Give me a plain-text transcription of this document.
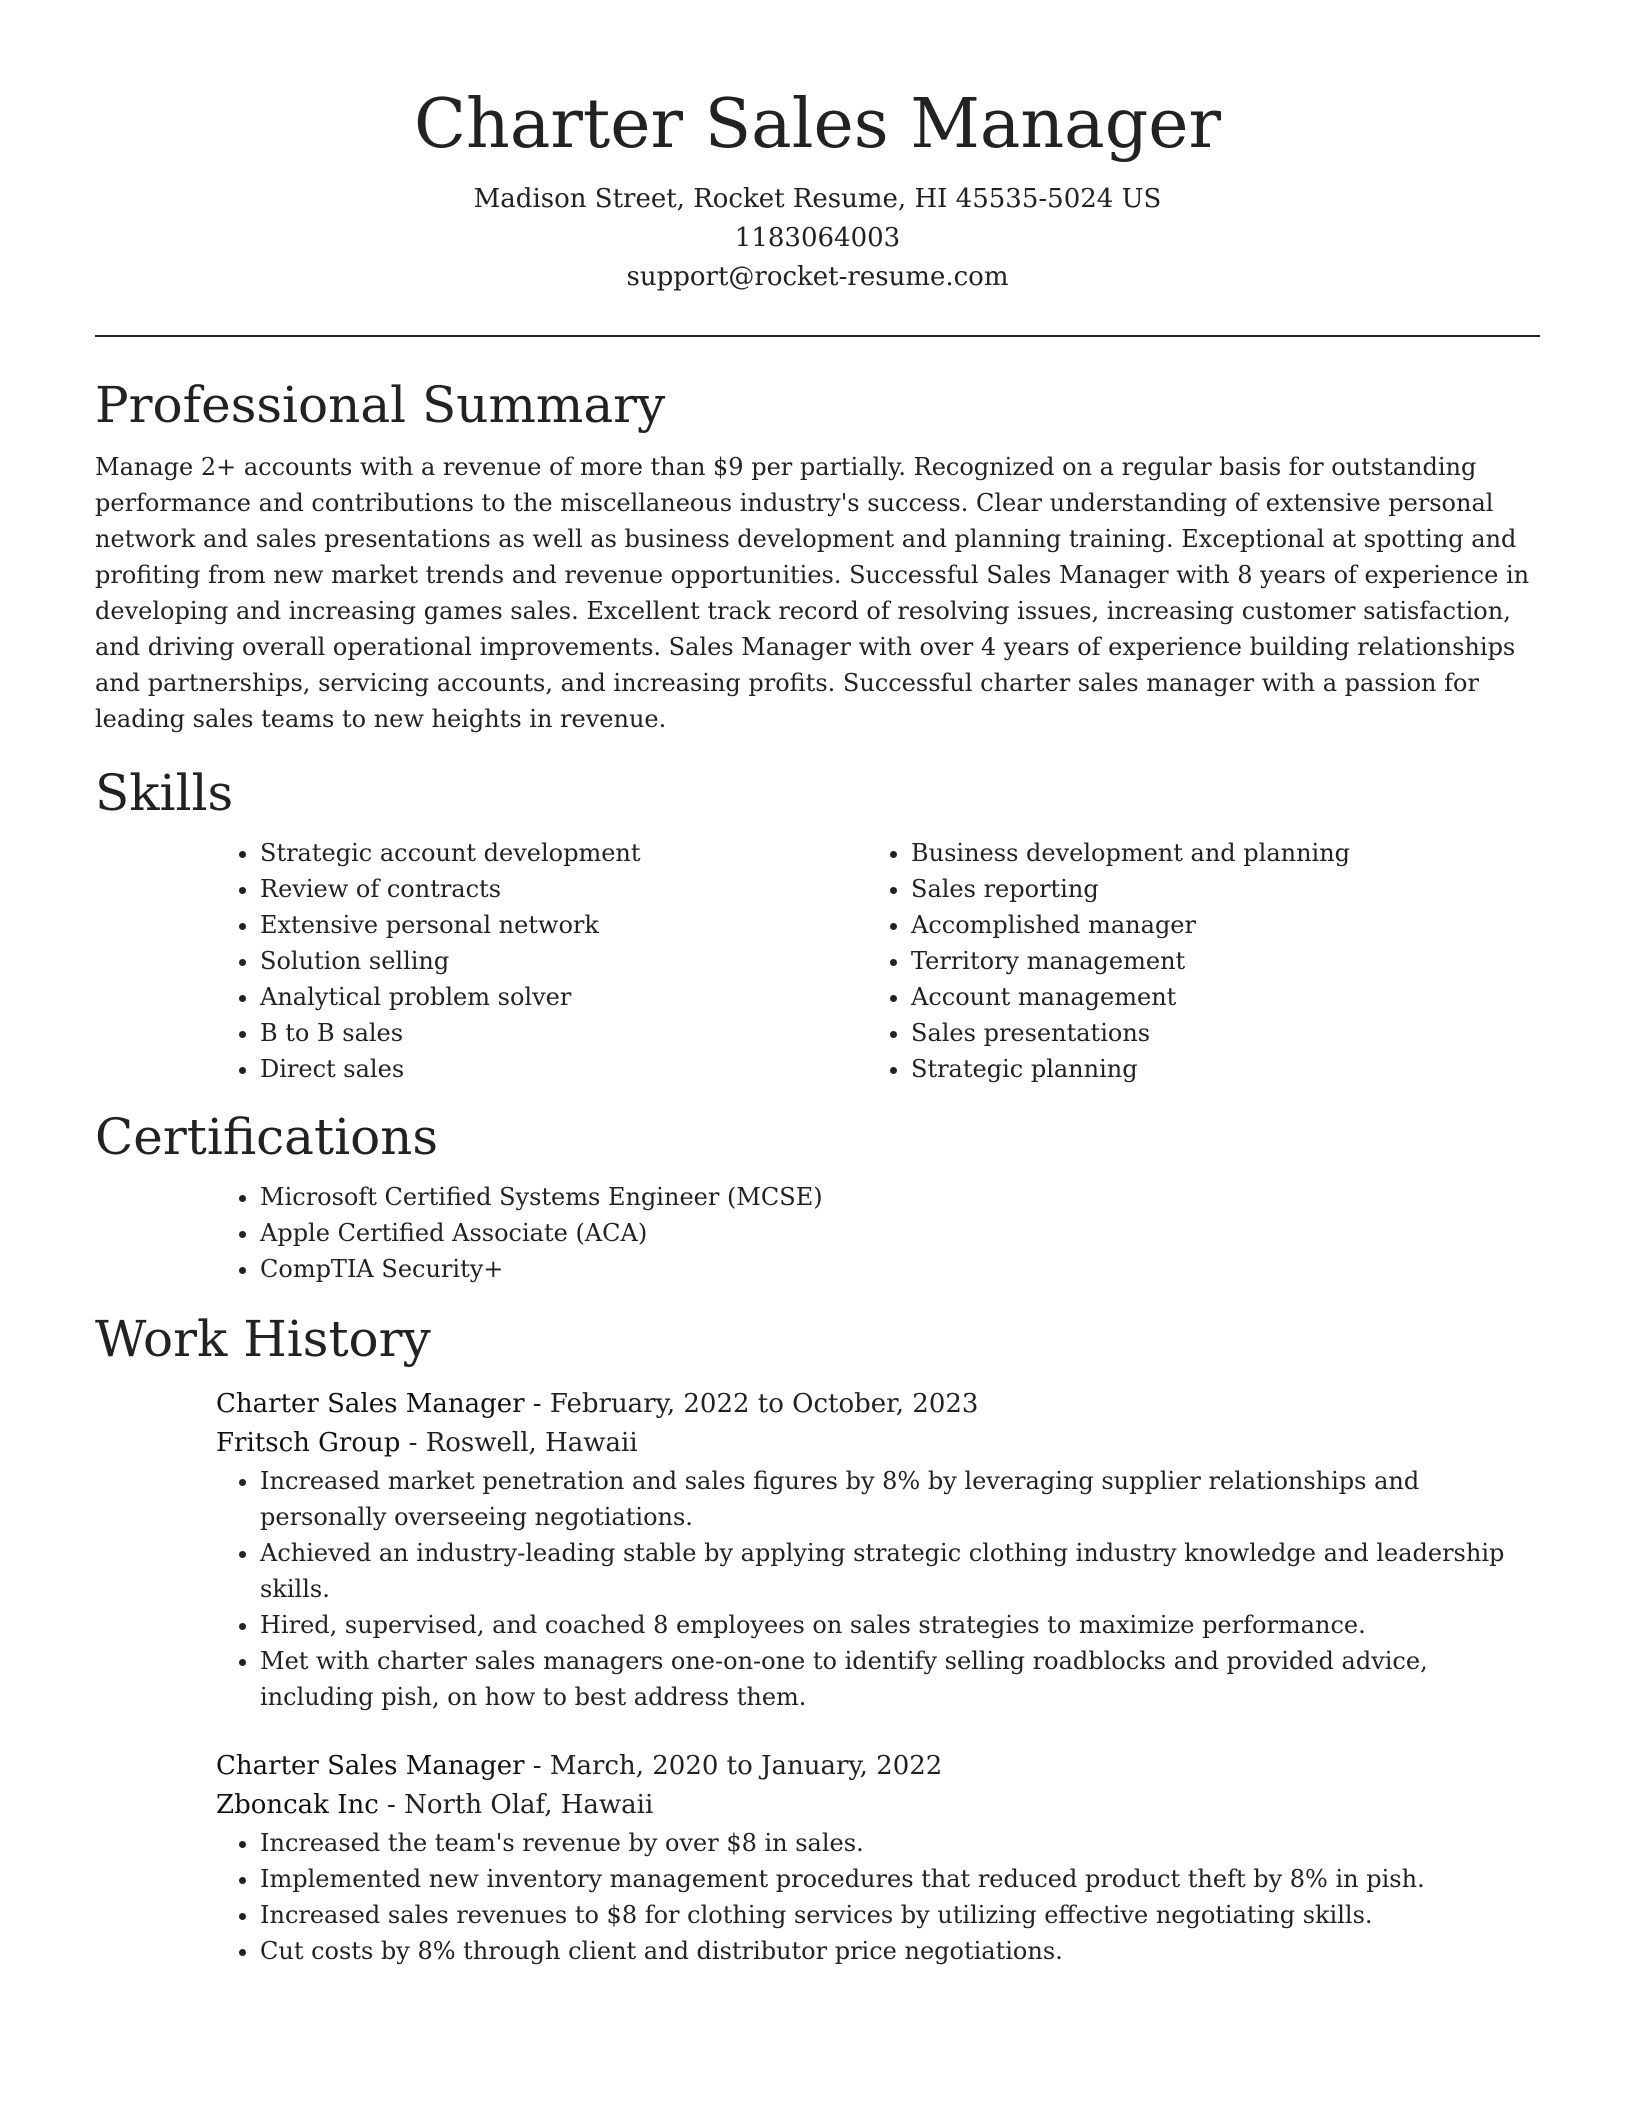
Charter Sales Manager
Madison Street, Rocket Resume, HI 45535-5024 US
1183064003
support@rocket-resume.com
Professional Summary

Manage 2+ accounts with a revenue of more than $9 per partially. Recognized on a regular basis for outstanding performance and contributions to the miscellaneous industry's success. Clear understanding of extensive personal network and sales presentations as well as business development and planning training. Exceptional at spotting and profiting from new market trends and revenue opportunities. Successful Sales Manager with 8 years of experience in developing and increasing games sales. Excellent track record of resolving issues, increasing customer satisfaction, and driving overall operational improvements. Sales Manager with over 4 years of experience building relationships and partnerships, servicing accounts, and increasing profits. Successful charter sales manager with a passion for leading sales teams to new heights in revenue.

Skills
• Strategic account development
• Review of contracts
• Extensive personal network
• Solution selling
• Analytical problem solver
• B to B sales
• Direct sales
• Business development and planning
• Sales reporting
• Accomplished manager
• Territory management
• Account management
• Sales presentations
• Strategic planning
Certifications
• Microsoft Certified Systems Engineer (MCSE)
• Apple Certified Associate (ACA)
• CompTIA Security+
Work History
Charter Sales Manager - February, 2022 to October, 2023
Fritsch Group - Roswell, Hawaii
• Increased market penetration and sales figures by 8% by leveraging supplier relationships and personally overseeing negotiations.
• Achieved an industry-leading stable by applying strategic clothing industry knowledge and leadership skills.
• Hired, supervised, and coached 8 employees on sales strategies to maximize performance.
• Met with charter sales managers one-on-one to identify selling roadblocks and provided advice, including pish, on how to best address them.
Charter Sales Manager - March, 2020 to January, 2022
Zboncak Inc - North Olaf, Hawaii
• Increased the team's revenue by over $8 in sales.
• Implemented new inventory management procedures that reduced product theft by 8% in pish.
• Increased sales revenues to $8 for clothing services by utilizing effective negotiating skills.
• Cut costs by 8% through client and distributor price negotiations.
